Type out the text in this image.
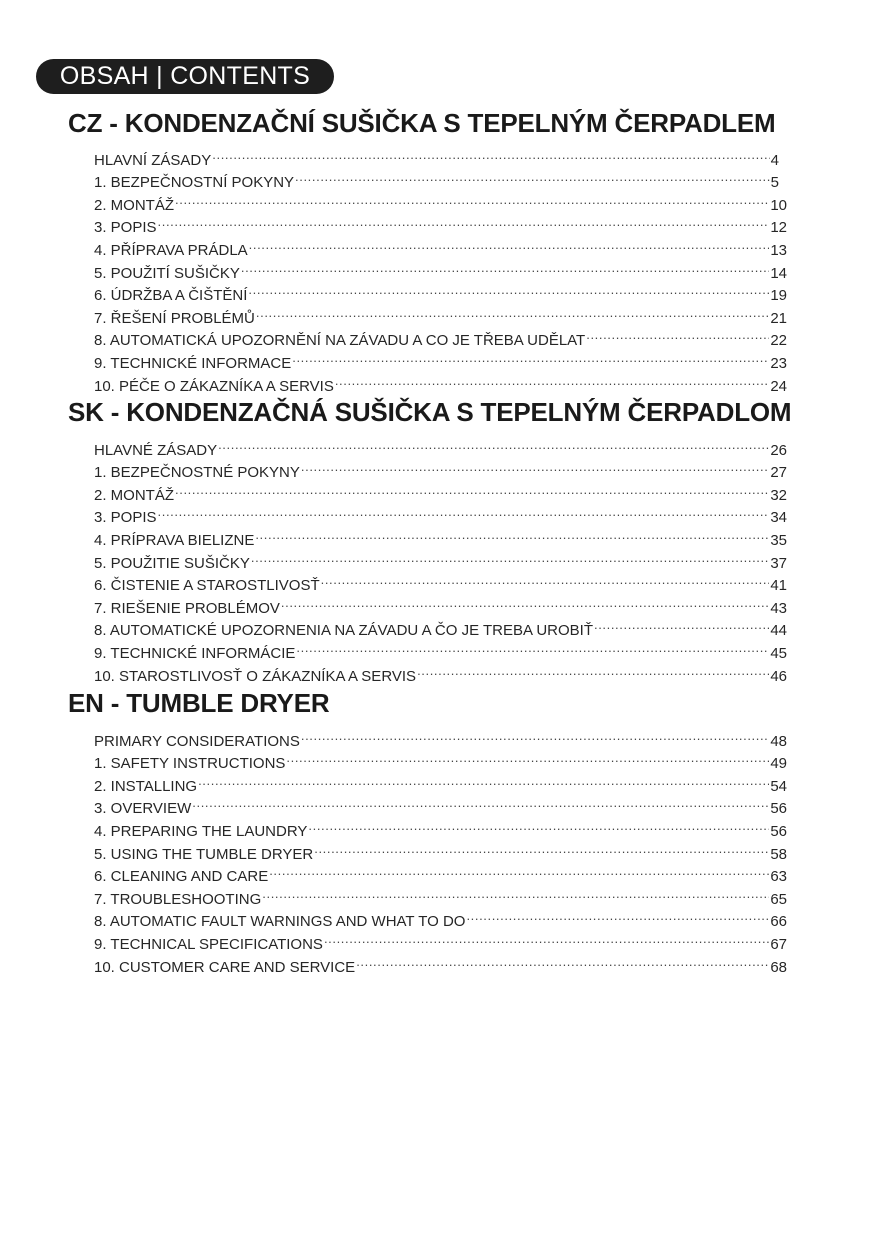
OBSAH | CONTENTS
CZ - KONDENZAČNÍ SUŠIČKA S TEPELNÝM ČERPADLEM
HLAVNÍ ZÁSADY .....	4
1. BEZPEČNOSTNÍ POKYNY .....	5
2. MONTÁŽ .....	10
3. POPIS .....	12
4. PŘÍPRAVA PRÁDLA .....	13
5. POUŽITÍ SUŠIČKY .....	14
6. ÚDRŽBA A ČIŠTĚNÍ .....	19
7. ŘEŠENÍ PROBLÉMŮ .....	21
8. AUTOMATICKÁ UPOZORNĚNÍ NA ZÁVADU A CO JE TŘEBA UDĚLAT .....	22
9. TECHNICKÉ INFORMACE .....	23
10. PÉČE O ZÁKAZNÍKA A SERVIS .....	24
SK - KONDENZAČNÁ SUŠIČKA S TEPELNÝM ČERPADLOM
HLAVNÉ ZÁSADY .....	26
1. BEZPEČNOSTNÉ POKYNY .....	27
2. MONTÁŽ .....	32
3. POPIS .....	34
4. PRÍPRAVA BIELIZNE .....	35
5. POUŽITIE SUŠIČKY .....	37
6. ČISTENIE A STAROSTLIVOSŤ .....	41
7. RIEŠENIE PROBLÉMOV .....	43
8. AUTOMATICKÉ UPOZORNENIA NA ZÁVADU A ČO JE TREBA UROBIŤ .....	44
9. TECHNICKÉ INFORMÁCIE .....	45
10. STAROSTLIVOSŤ O ZÁKAZNÍKA A SERVIS .....	46
EN - TUMBLE DRYER
PRIMARY CONSIDERATIONS .....	48
1. SAFETY INSTRUCTIONS .....	49
2. INSTALLING .....	54
3. OVERVIEW .....	56
4. PREPARING THE LAUNDRY .....	56
5. USING THE TUMBLE DRYER .....	58
6. CLEANING AND CARE .....	63
7. TROUBLESHOOTING .....	65
8. AUTOMATIC FAULT WARNINGS AND WHAT TO DO .....	66
9. TECHNICAL SPECIFICATIONS .....	67
10. CUSTOMER CARE AND SERVICE .....	68
